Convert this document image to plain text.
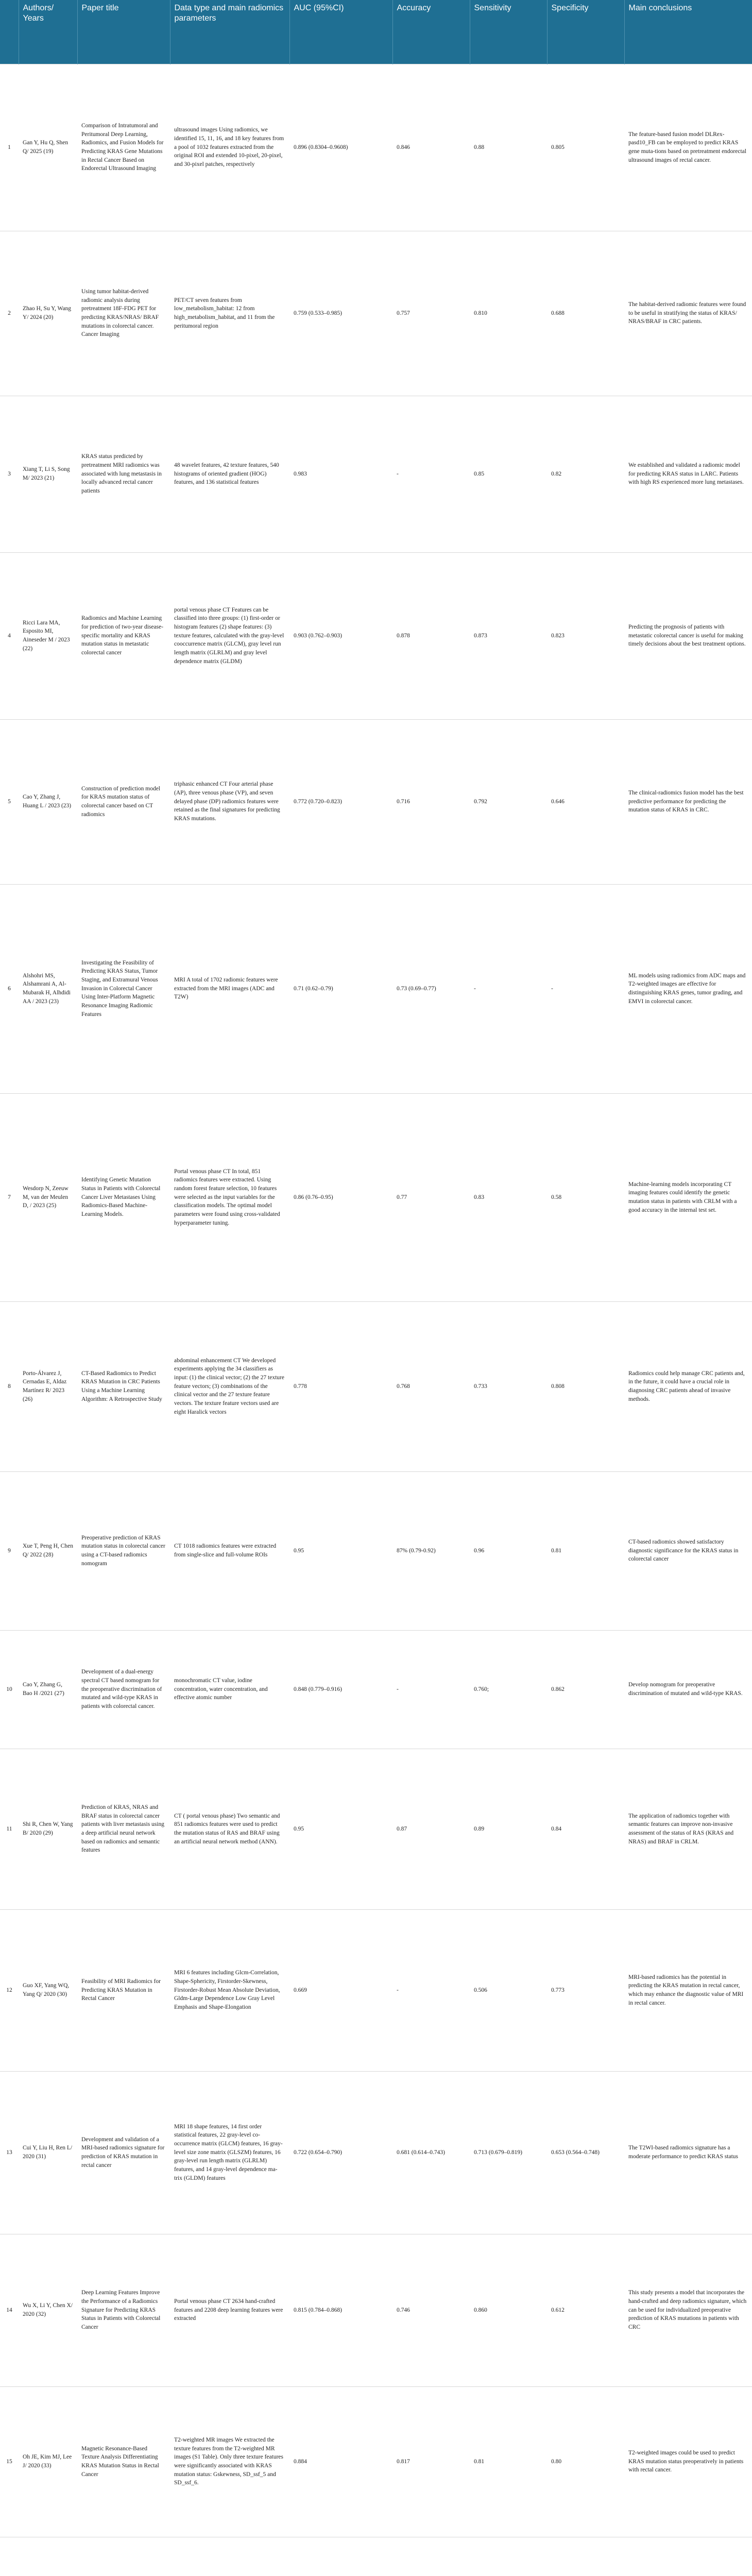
	Authors/ Years	Paper title	Data type and main radiomics parameters	AUC (95%CI)	Accuracy	Sensitivity	Specificity	Main conclusions
1	Gan Y, Hu Q, Shen Q/ 2025 (19)	Comparison of Intratumoral and Peritumoral Deep Learning, Radiomics, and Fusion Models for Predicting KRAS Gene Mutations in Rectal Cancer Based on Endorectal Ultrasound Imaging	ultrasound images Using radiomics, we identified 15, 11, 16, and 18 key features from a pool of 1032 features extracted from the original ROI and extended 10-pixel, 20-pixel, and 30-pixel patches, respectively	0.896 (0.8304–0.9608)	0.846	0.88	0.805	The feature-based fusion model DLRex-pasd10_FB can be employed to predict KRAS gene muta-tions based on pretreatment endorectal ultrasound images of rectal cancer.
2	Zhao H, Su Y, Wang Y/ 2024 (20)	Using tumor habitat-derived radiomic analysis during pretreatment 18F-FDG PET for predicting KRAS/NRAS/ BRAF mutations in colorectal cancer. Cancer Imaging	PET/CT seven features from low_metabolism_habitat: 12 from high_metabolism_habitat, and 11 from the peritumoral region	0.759 (0.533–0.985)	0.757	0.810	0.688	The habitat-derived radiomic features were found to be useful in stratifying the status of KRAS/ NRAS/BRAF in CRC patients.
3	Xiang T, Li S, Song M/ 2023 (21)	KRAS status predicted by pretreatment MRI radiomics was associated with lung metastasis in locally advanced rectal cancer patients	48 wavelet features, 42 texture features, 540 histograms of oriented gradient (HOG) features, and 136 statistical features	0.983	-	0.85	0.82	We established and validated a radiomic model for predicting KRAS status in LARC. Patients with high RS experienced more lung metastases.
4	Ricci Lara MA, Esposito MI, Aineseder M / 2023 (22)	Radiomics and Machine Learning for prediction of two-year disease-specific mortality and KRAS mutation status in metastatic colorectal cancer	portal venous phase CT Features can be classified into three groups: (1) first-order or histogram features (2) shape features: (3) texture features, calculated with the gray-level cooccurrence matrix (GLCM), gray level run length matrix (GLRLM) and gray level dependence matrix (GLDM)	0.903 (0.762–0.903)	0.878	0.873	0.823	Predicting the prognosis of patients with metastatic colorectal cancer is useful for making timely decisions about the best treatment options.
5	Cao Y, Zhang J, Huang L / 2023 (23)	Construction of prediction model for KRAS mutation status of colorectal cancer based on CT radiomics	triphasic enhanced CT Four arterial phase (AP), three venous phase (VP), and seven delayed phase (DP) radiomics features were retained as the final signatures for predicting KRAS mutations.	0.772 (0.720–0.823)	0.716	0.792	0.646	The clinical-radiomics fusion model has the best predictive performance for predicting the mutation status of KRAS in CRC.
6	Alshohri MS, Alshamrani A, Al-Mubarak H, Alhdidi AA / 2023 (23)	Investigating the Feasibility of Predicting KRAS Status, Tumor Staging, and Extramural Venous Invasion in Colorectal Cancer Using Inter-Platform Magnetic Resonance Imaging Radiomic Features	MRI A total of 1702 radiomic features were extracted from the MRI images (ADC and T2W)	0.71 (0.62–0.79)	0.73 (0.69–0.77)	-	-	ML models using radiomics from ADC maps and T2-weighted images are effective for distinguishing KRAS genes, tumor grading, and EMVI in colorectal cancer.
7	Wesdorp N, Zeeuw M, van der Meulen D, / 2023 (25)	Identifying Genetic Mutation Status in Patients with Colorectal Cancer Liver Metastases Using Radiomics-Based Machine-Learning Models.	Portal venous phase CT In total, 851 radiomics features were extracted. Using random forest feature selection, 10 features were selected as the input variables for the classification models. The optimal model parameters were found using cross-validated hyperparameter tuning.	0.86 (0.76–0.95)	0.77	0.83	0.58	Machine-learning models incorporating CT imaging features could identify the genetic mutation status in patients with CRLM with a good accuracy in the internal test set.
8	Porto-Álvarez J, Cernadas E, Aldaz Martínez R/ 2023 (26)	CT-Based Radiomics to Predict KRAS Mutation in CRC Patients Using a Machine Learning Algorithm: A Retrospective Study	abdominal enhancement CT We developed experiments applying the 34 classifiers as input: (1) the clinical vector; (2) the 27 texture feature vectors; (3) combinations of the clinical vector and the 27 texture feature vectors. The texture feature vectors used are eight Haralick vectors	0.778	0.768	0.733	0.808	Radiomics could help manage CRC patients and, in the future, it could have a crucial role in diagnosing CRC patients ahead of invasive methods.
9	Xue T, Peng H, Chen Q/ 2022 (28)	Preoperative prediction of KRAS mutation status in colorectal cancer using a CT-based radiomics nomogram	CT 1018 radiomics features were extracted from single-slice and full-volume ROIs	0.95	87% (0.79-0.92)	0.96	0.81	CT-based radiomics showed satisfactory diagnostic significance for the KRAS status in colorectal cancer
10	Cao Y, Zhang G, Bao H /2021 (27)	Development of a dual-energy spectral CT based nomogram for the preoperative discrimination of mutated and wild-type KRAS in patients with colorectal cancer.	monochromatic CT value, iodine concentration, water concentration, and effective atomic number	0.848 (0.779–0.916)	-	0.760;	0.862	Develop nomogram for preoperative discrimination of mutated and wild-type KRAS.
11	Shi R, Chen W, Yang B/ 2020 (29)	Prediction of KRAS, NRAS and BRAF status in colorectal cancer patients with liver metastasis using a deep artificial neural network based on radiomics and semantic features	CT ( portal venous phase) Two semantic and 851 radiomics features were used to predict the mutation status of RAS and BRAF using an artificial neural network method (ANN).	0.95	0.87	0.89	0.84	The application of radiomics together with semantic features can improve non-invasive assessment of the status of RAS (KRAS and NRAS) and BRAF in CRLM.
12	Guo XF, Yang WQ, Yang Q/ 2020 (30)	Feasibility of MRI Radiomics for Predicting KRAS Mutation in Rectal Cancer	MRI 6 features including Glcm-Correlation, Shape-Sphericity, Firstorder-Skewness, Firstorder-Robust Mean Absolute Deviation, Gldm-Large Dependence Low Gray Level Emphasis and Shape-Elongation	0.669	-	0.506	0.773	MRI-based radiomics has the potential in predicting the KRAS mutation in rectal cancer, which may enhance the diagnostic value of MRI in rectal cancer.
13	Cui Y, Liu H, Ren L/ 2020 (31)	Development and validation of a MRI-based radiomics signature for prediction of KRAS mutation in rectal cancer	MRI 18 shape features, 14 first order statistical features, 22 gray-level co-occurrence matrix (GLCM) features, 16 gray-level size zone matrix (GLSZM) features, 16 gray-level run length matrix (GLRLM) features, and 14 gray-level dependence ma-trix (GLDM) features	0.722 (0.654–0.790)	0.681 (0.614–0.743)	0.713 (0.679–0.819)	0.653 (0.564–0.748)	The T2WI-based radiomics signature has a moderate performance to predict KRAS status
14	Wu X, Li Y, Chen X/ 2020 (32)	Deep Learning Features Improve the Performance of a Radiomics Signature for Predicting KRAS Status in Patients with Colorectal Cancer	Portal venous phase CT 2634 hand-crafted features and 2208 deep learning features were extracted	0.815 (0.784–0.868)	0.746	0.860	0.612	This study presents a model that incorporates the hand-crafted and deep radiomics signature, which can be used for individualized preoperative prediction of KRAS mutations in patients with CRC
15	Oh JE, Kim MJ, Lee J/ 2020 (33)	Magnetic Resonance-Based Texture Analysis Differentiating KRAS Mutation Status in Rectal Cancer	T2-weighted MR images We extracted the texture features from the T2-weighted MR images (S1 Table). Only three texture features were significantly associated with KRAS mutation status: Gskewness, SD_ssf_5 and SD_ssf_6.	0.884	0.817	0.81	0.80	T2-weighted images could be used to predict KRAS mutation status preoperatively in patients with rectal cancer.
